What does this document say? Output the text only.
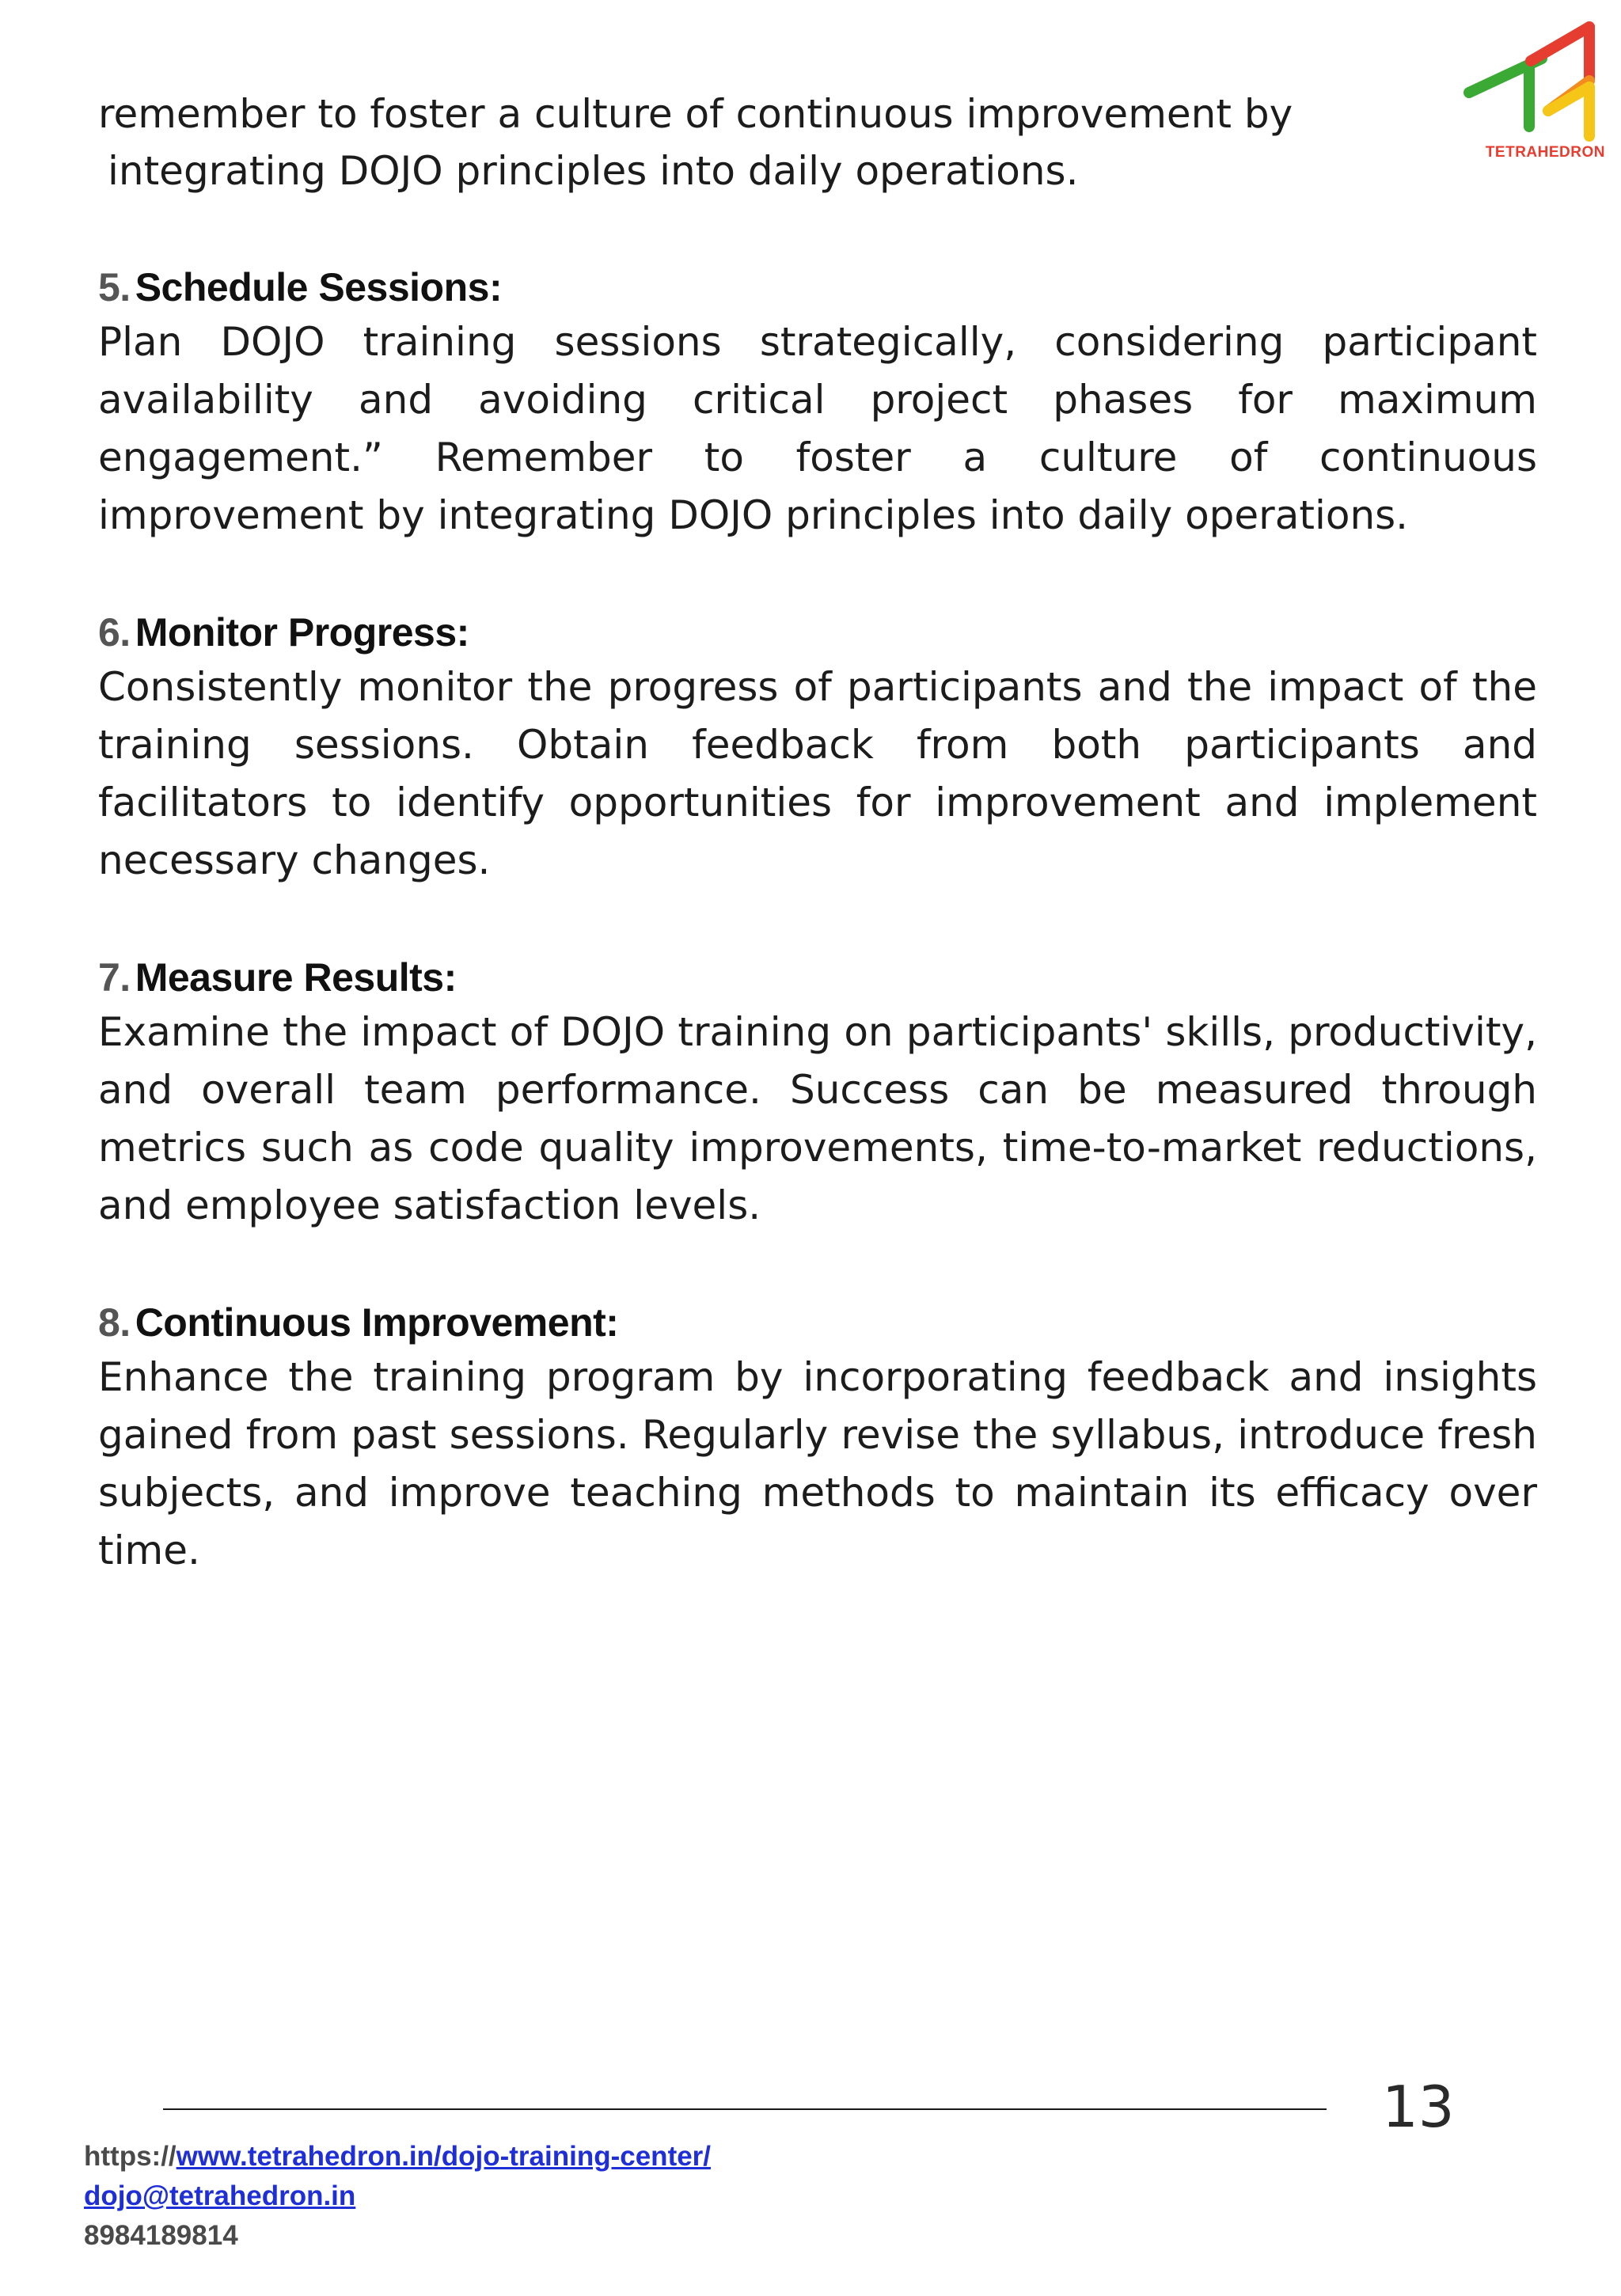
TETRAHEDRON

remember to foster a culture of continuous improvement by

integrating DOJO principles into daily operations.

5. Schedule Sessions:

Plan DOJO training sessions strategically, considering participant availability and avoiding critical project phases for maximum engagement.” Remember to foster a culture of continuous improvement by integrating DOJO principles into daily operations.

6. Monitor Progress:

Consistently monitor the progress of participants and the impact of the training sessions. Obtain feedback from both participants and facilitators to identify opportunities for improvement and implement necessary changes.

7. Measure Results:

Examine the impact of DOJO training on participants' skills, productivity, and overall team performance. Success can be measured through metrics such as code quality improvements, time-to-market reductions, and employee satisfaction levels.

8. Continuous Improvement:

Enhance the training program by incorporating feedback and insights gained from past sessions. Regularly revise the syllabus, introduce fresh subjects, and improve teaching methods to maintain its efficacy over time.

13
https://www.tetrahedron.in/dojo-training-center/
dojo@tetrahedron.in
8984189814
